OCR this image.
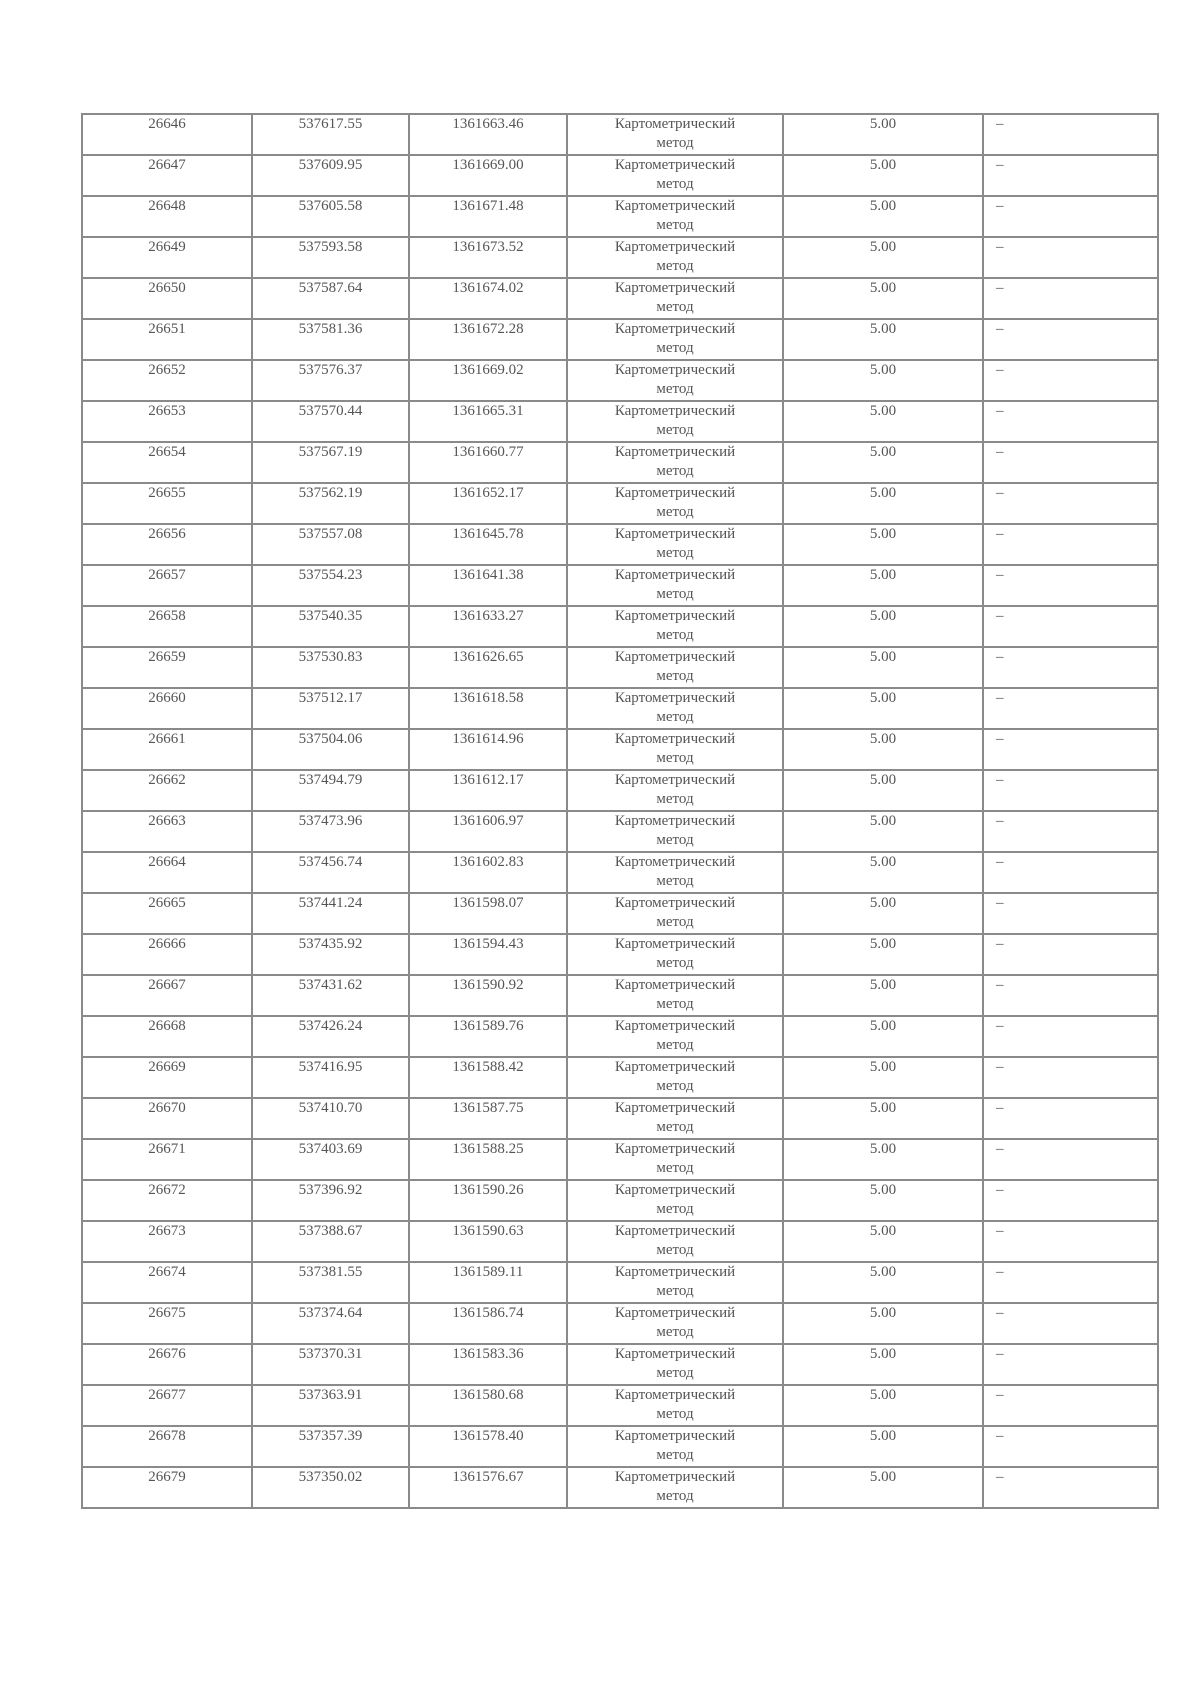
26646	537617.55	1361663.46	Картометрический метод	5.00	–
26647	537609.95	1361669.00	Картометрический метод	5.00	–
26648	537605.58	1361671.48	Картометрический метод	5.00	–
26649	537593.58	1361673.52	Картометрический метод	5.00	–
26650	537587.64	1361674.02	Картометрический метод	5.00	–
26651	537581.36	1361672.28	Картометрический метод	5.00	–
26652	537576.37	1361669.02	Картометрический метод	5.00	–
26653	537570.44	1361665.31	Картометрический метод	5.00	–
26654	537567.19	1361660.77	Картометрический метод	5.00	–
26655	537562.19	1361652.17	Картометрический метод	5.00	–
26656	537557.08	1361645.78	Картометрический метод	5.00	–
26657	537554.23	1361641.38	Картометрический метод	5.00	–
26658	537540.35	1361633.27	Картометрический метод	5.00	–
26659	537530.83	1361626.65	Картометрический метод	5.00	–
26660	537512.17	1361618.58	Картометрический метод	5.00	–
26661	537504.06	1361614.96	Картометрический метод	5.00	–
26662	537494.79	1361612.17	Картометрический метод	5.00	–
26663	537473.96	1361606.97	Картометрический метод	5.00	–
26664	537456.74	1361602.83	Картометрический метод	5.00	–
26665	537441.24	1361598.07	Картометрический метод	5.00	–
26666	537435.92	1361594.43	Картометрический метод	5.00	–
26667	537431.62	1361590.92	Картометрический метод	5.00	–
26668	537426.24	1361589.76	Картометрический метод	5.00	–
26669	537416.95	1361588.42	Картометрический метод	5.00	–
26670	537410.70	1361587.75	Картометрический метод	5.00	–
26671	537403.69	1361588.25	Картометрический метод	5.00	–
26672	537396.92	1361590.26	Картометрический метод	5.00	–
26673	537388.67	1361590.63	Картометрический метод	5.00	–
26674	537381.55	1361589.11	Картометрический метод	5.00	–
26675	537374.64	1361586.74	Картометрический метод	5.00	–
26676	537370.31	1361583.36	Картометрический метод	5.00	–
26677	537363.91	1361580.68	Картометрический метод	5.00	–
26678	537357.39	1361578.40	Картометрический метод	5.00	–
26679	537350.02	1361576.67	Картометрический метод	5.00	–
